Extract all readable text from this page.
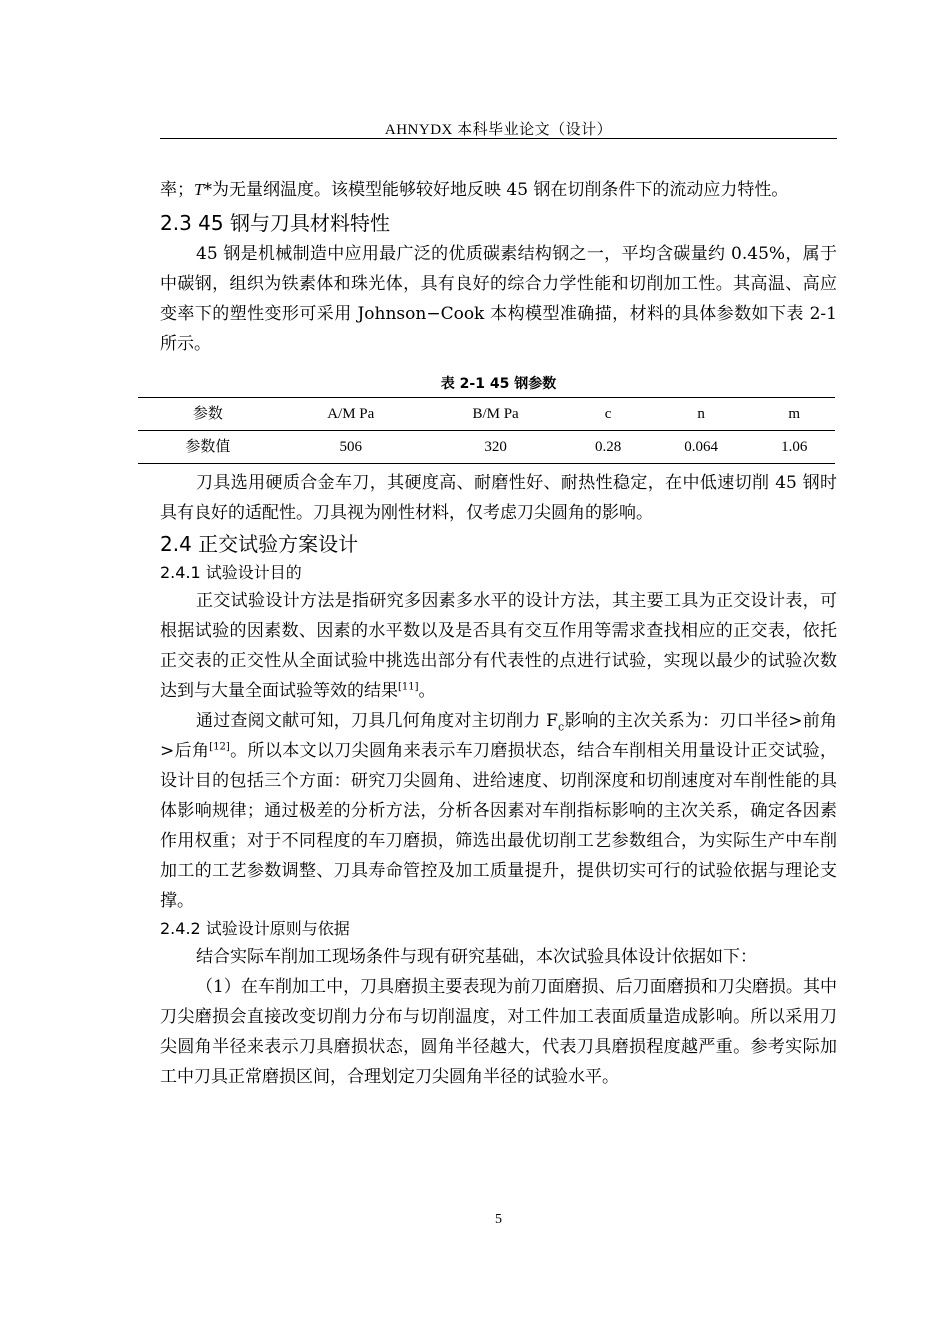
AHNYDX 本科毕业论文（设计）

率；T*为无量纲温度。该模型能够较好地反映 45 钢在切削条件下的流动应力特性。

2.3 45 钢与刀具材料特性

45 钢是机械制造中应用最广泛的优质碳素结构钢之一，平均含碳量约 0.45%，属于中碳钢，组织为铁素体和珠光体，具有良好的综合力学性能和切削加工性。其高温、高应变率下的塑性变形可采用 Johnson−Cook 本构模型准确描，材料的具体参数如下表 2-1 所示。

表 2-1 45 钢参数
参数	A/M Pa	B/M Pa	c	n	m
参数值	506	320	0.28	0.064	1.06

刀具选用硬质合金车刀，其硬度高、耐磨性好、耐热性稳定，在中低速切削 45 钢时具有良好的适配性。刀具视为刚性材料，仅考虑刀尖圆角的影响。

2.4 正交试验方案设计
2.4.1 试验设计目的

正交试验设计方法是指研究多因素多水平的设计方法，其主要工具为正交设计表，可根据试验的因素数、因素的水平数以及是否具有交互作用等需求查找相应的正交表，依托正交表的正交性从全面试验中挑选出部分有代表性的点进行试验，实现以最少的试验次数达到与大量全面试验等效的结果[11]。

通过查阅文献可知，刀具几何角度对主切削力 $F_c$影响的主次关系为：刃口半径>前角>后角[12]。所以本文以刀尖圆角来表示车刀磨损状态，结合车削相关用量设计正交试验，设计目的包括三个方面：研究刀尖圆角、进给速度、切削深度和切削速度对车削性能的具体影响规律；通过极差的分析方法，分析各因素对车削指标影响的主次关系，确定各因素作用权重；对于不同程度的车刀磨损，筛选出最优切削工艺参数组合，为实际生产中车削加工的工艺参数调整、刀具寿命管控及加工质量提升，提供切实可行的试验依据与理论支撑。

2.4.2 试验设计原则与依据

结合实际车削加工现场条件与现有研究基础，本次试验具体设计依据如下：

（1）在车削加工中，刀具磨损主要表现为前刀面磨损、后刀面磨损和刀尖磨损。其中刀尖磨损会直接改变切削力分布与切削温度，对工件加工表面质量造成影响。所以采用刀尖圆角半径来表示刀具磨损状态，圆角半径越大，代表刀具磨损程度越严重。参考实际加工中刀具正常磨损区间，合理划定刀尖圆角半径的试验水平。

5
